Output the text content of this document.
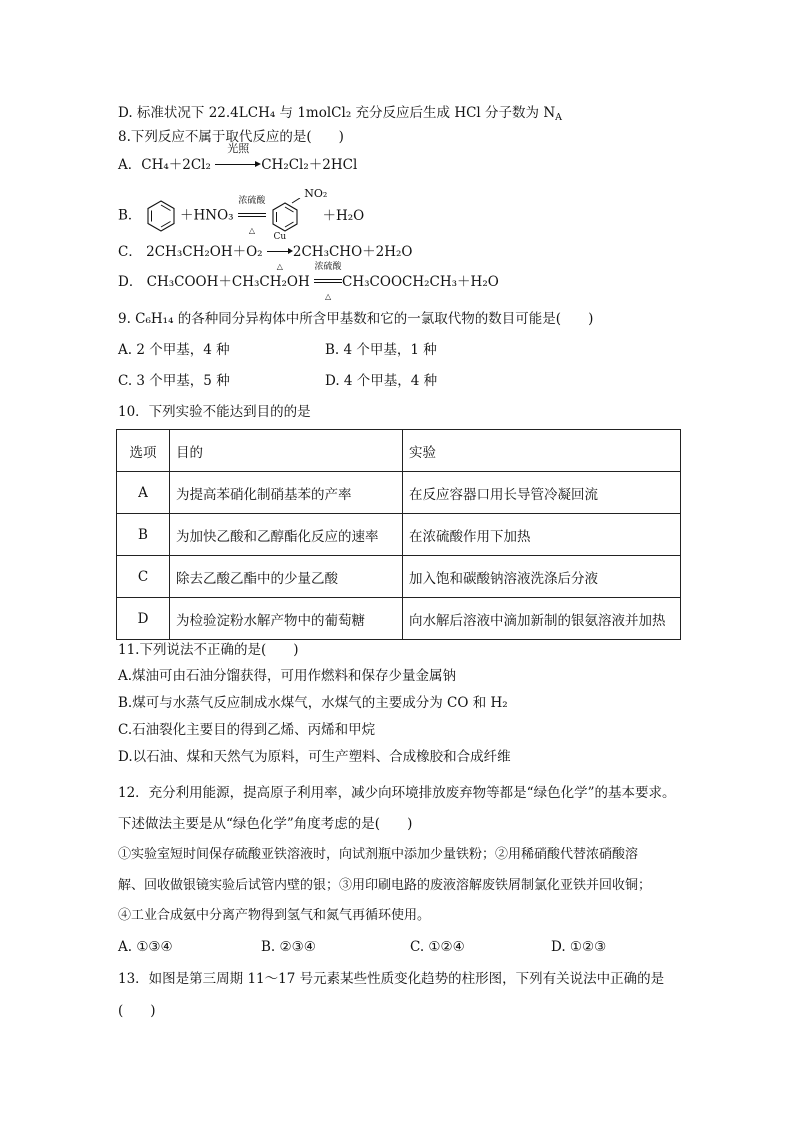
D. 标准状况下 22.4LCH₄ 与 1molCl₂ 充分反应后生成 HCl 分子数为 $N_A$
8.下列反应不属于取代反应的是(　　)
A．CH₄＋2Cl₂
光照
CH₂Cl₂＋2HCl
B．	＋HNO₃
浓硫酸
△

NO₂
＋H₂O
C． 2CH₃CH₂OH＋O₂
Cu
△
2CH₃CHO＋2H₂O
D． CH₃COOH＋CH₃CH₂OH
浓硫酸
△
CH₃COOCH₂CH₃＋H₂O
9. C₆H₁₄ 的各种同分异构体中所含甲基数和它的一氯取代物的数目可能是(　　)
A. 2 个甲基，4 种	B. 4 个甲基，1 种
C. 3 个甲基，5 种	D. 4 个甲基，4 种
10．下列实验不能达到目的的是
选项	目的	实验
A	为提高苯硝化制硝基苯的产率	在反应容器口用长导管冷凝回流
B	为加快乙酸和乙醇酯化反应的速率	在浓硫酸作用下加热
C	除去乙酸乙酯中的少量乙酸	加入饱和碳酸钠溶液洗涤后分液
D	为检验淀粉水解产物中的葡萄糖	向水解后溶液中滴加新制的银氨溶液并加热
11.下列说法不正确的是(　　)
A.煤油可由石油分馏获得，可用作燃料和保存少量金属钠
B.煤可与水蒸气反应制成水煤气，水煤气的主要成分为 CO 和 H₂
C.石油裂化主要目的得到乙烯、丙烯和甲烷
D.以石油、煤和天然气为原料，可生产塑料、合成橡胶和合成纤维
12．充分利用能源，提高原子利用率，减少向环境排放废弃物等都是“绿色化学”的基本要求。
下述做法主要是从“绿色化学”角度考虑的是(　　)
①实验室短时间保存硫酸亚铁溶液时，向试剂瓶中添加少量铁粉；②用稀硝酸代替浓硝酸溶
解、回收做银镜实验后试管内壁的银；③用印刷电路的废液溶解废铁屑制氯化亚铁并回收铜；
④工业合成氨中分离产物得到氢气和氮气再循环使用。
A. ①③④	B. ②③④	C. ①②④	D. ①②③
13．如图是第三周期 11～17 号元素某些性质变化趋势的柱形图，下列有关说法中正确的是
(　　)
